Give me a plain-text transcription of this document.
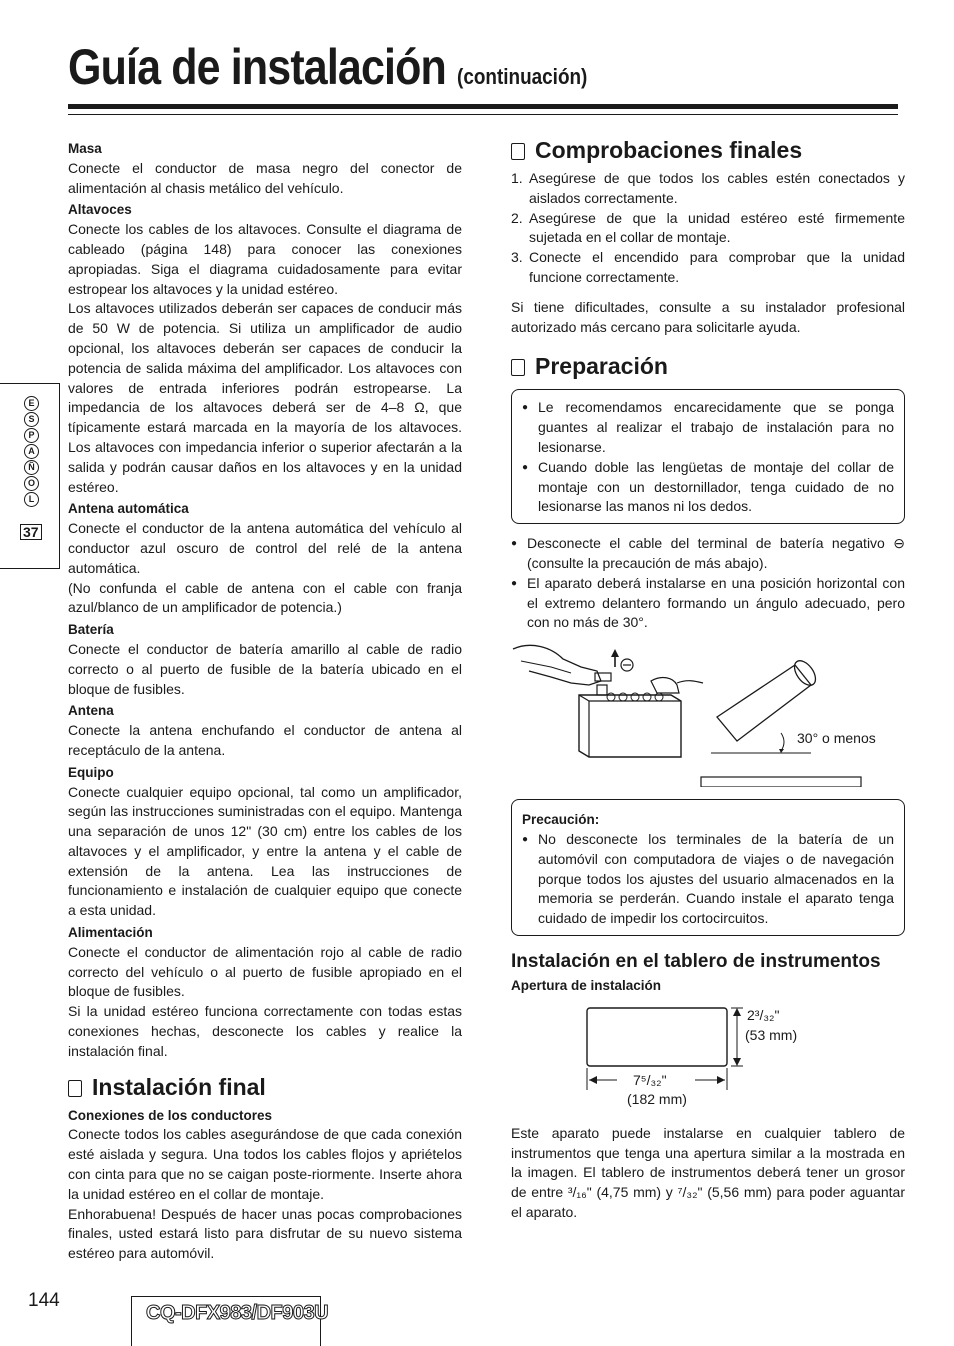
Guía de instalación (continuación)
E
S
P
A
Ñ
O
L
37
Masa

Conecte el conductor de masa negro del conector de alimentación al chasis metálico del vehículo.

Altavoces

Conecte los cables de los altavoces. Consulte el diagrama de cableado (página 148) para conocer las conexiones apropiadas. Siga el diagrama cuidadosamente para evitar estropear los altavoces y la unidad estéreo.

Los altavoces utilizados deberán ser capaces de conducir más de 50 W de potencia. Si utiliza un amplificador de audio opcional, los altavoces deberán ser capaces de conducir la potencia de salida máxima del amplificador. Los altavoces con valores de entrada inferiores podrán estropearse. La impedancia de los altavoces deberá ser de 4–8 Ω, que típicamente estará marcada en la mayoría de los altavoces. Los altavoces con impedancia inferior o superior afectarán a la salida y podrán causar daños en los altavoces y en la unidad estéreo.

Antena automática

Conecte el conductor de la antena automática del vehículo al conductor azul oscuro de control del relé de la antena automática.

(No confunda el cable de antena con el cable con franja azul/blanco de un amplificador de potencia.)

Batería

Conecte el conductor de batería amarillo al cable de radio correcto o al puerto de fusible de la batería ubicado en el bloque de fusibles.

Antena

Conecte la antena enchufando el conductor de antena al receptáculo de la antena.

Equipo

Conecte cualquier equipo opcional, tal como un amplificador, según las instrucciones suministradas con el equipo. Mantenga una separación de unos 12" (30 cm) entre los cables de los altavoces y el amplificador, y entre la antena y el cable de extensión de la antena. Lea las instrucciones de funcionamiento e instalación de cualquier equipo que conecte a esta unidad.

Alimentación

Conecte el conductor de alimentación rojo al cable de radio correcto del vehículo o al puerto de fusible apropiado en el bloque de fusibles.

Si la unidad estéreo funciona correctamente con todas estas conexiones hechas, desconecte los cables y realice la instalación final.

Instalación final
Conexiones de los conductores

Conecte todos los cables asegurándose de que cada conexión esté aislada y segura. Una todos los cables flojos y apriételos con cinta para que no se caigan poste-riormente. Inserte ahora la unidad estéreo en el collar de montaje.

Enhorabuena! Después de hacer unas pocas comprobaciones finales, usted estará listo para disfrutar de su nuevo sistema estéreo para automóvil.

Comprobaciones finales
1. Asegúrese de que todos los cables estén conectados y aislados correctamente.
2. Asegúrese de que la unidad estéreo esté firmemente sujetada en el collar de montaje.
3. Conecte el encendido para comprobar que la unidad funcione correctamente.

Si tiene dificultades, consulte a su instalador profesional autorizado más cercano para solicitarle ayuda.

Preparación
● Le recomendamos encarecidamente que se ponga guantes al realizar el trabajo de instalación para no lesionarse.
● Cuando doble las lengüetas de montaje del collar de montaje con un destornillador, tenga cuidado de no lesionarse las manos ni los dedos.
● Desconecte el cable del terminal de batería negativo ⊖ (consulte la precaución de más abajo).
● El aparato deberá instalarse en una posición horizontal con el extremo delantero formando un ángulo adecuado, pero con no más de 30°.
30° o menos
Precaución:
● No desconecte los terminales de la batería de un automóvil con computadora de viajes o de navegación porque todos los ajustes del usuario almacenados en la memoria se perderán. Cuando instale el aparato tenga cuidado de impedir los cortocircuitos.
Instalación en el tablero de instrumentos
Apertura de instalación
2³/₃₂"
(53 mm)
7⁵/₃₂"
(182 mm)

Este aparato puede instalarse en cualquier tablero de instrumentos que tenga una apertura similar a la mostrada en la imagen. El tablero de instrumentos deberá tener un grosor de entre ³/₁₆" (4,75 mm) y ⁷/₃₂" (5,56 mm) para poder aguantar el aparato.

144
CQ-DFX983/DF903U
